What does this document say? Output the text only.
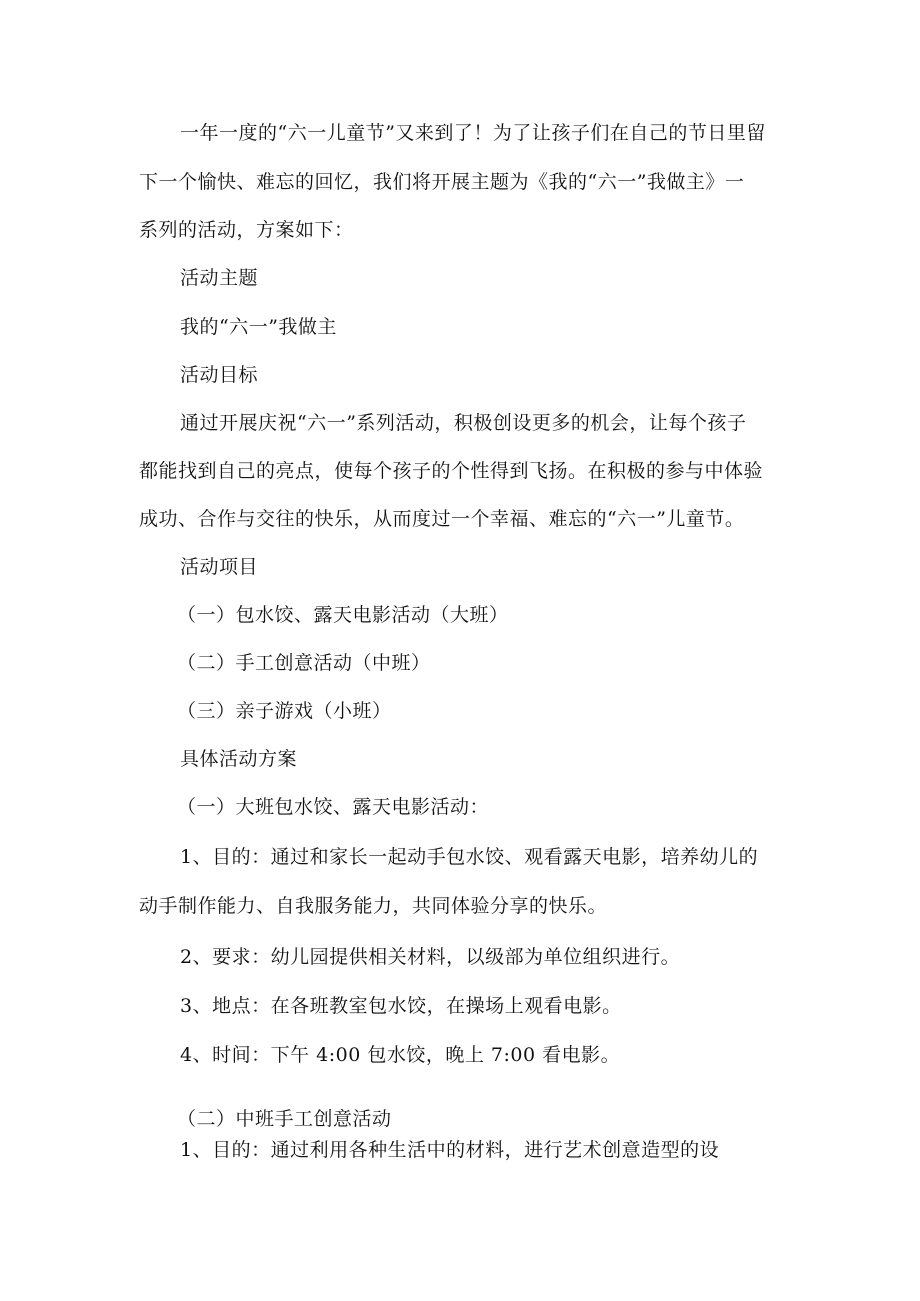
一年一度的“六一儿童节”又来到了！为了让孩子们在自己的节日里留
下一个愉快、难忘的回忆，我们将开展主题为《我的“六一”我做主》一
系列的活动，方案如下：
活动主题
我的“六一”我做主
活动目标
通过开展庆祝“六一”系列活动，积极创设更多的机会，让每个孩子
都能找到自己的亮点，使每个孩子的个性得到飞扬。在积极的参与中体验
成功、合作与交往的快乐，从而度过一个幸福、难忘的“六一”儿童节。
活动项目
（一）包水饺、露天电影活动（大班）
（二）手工创意活动（中班）
（三）亲子游戏（小班）
具体活动方案
（一）大班包水饺、露天电影活动：
1、目的：通过和家长一起动手包水饺、观看露天电影，培养幼儿的
动手制作能力、自我服务能力，共同体验分享的快乐。
2、要求：幼儿园提供相关材料，以级部为单位组织进行。
3、地点：在各班教室包水饺，在操场上观看电影。
4、时间：下午 4:00 包水饺，晚上 7:00 看电影。
（二）中班手工创意活动
1、目的：通过利用各种生活中的材料，进行艺术创意造型的设
